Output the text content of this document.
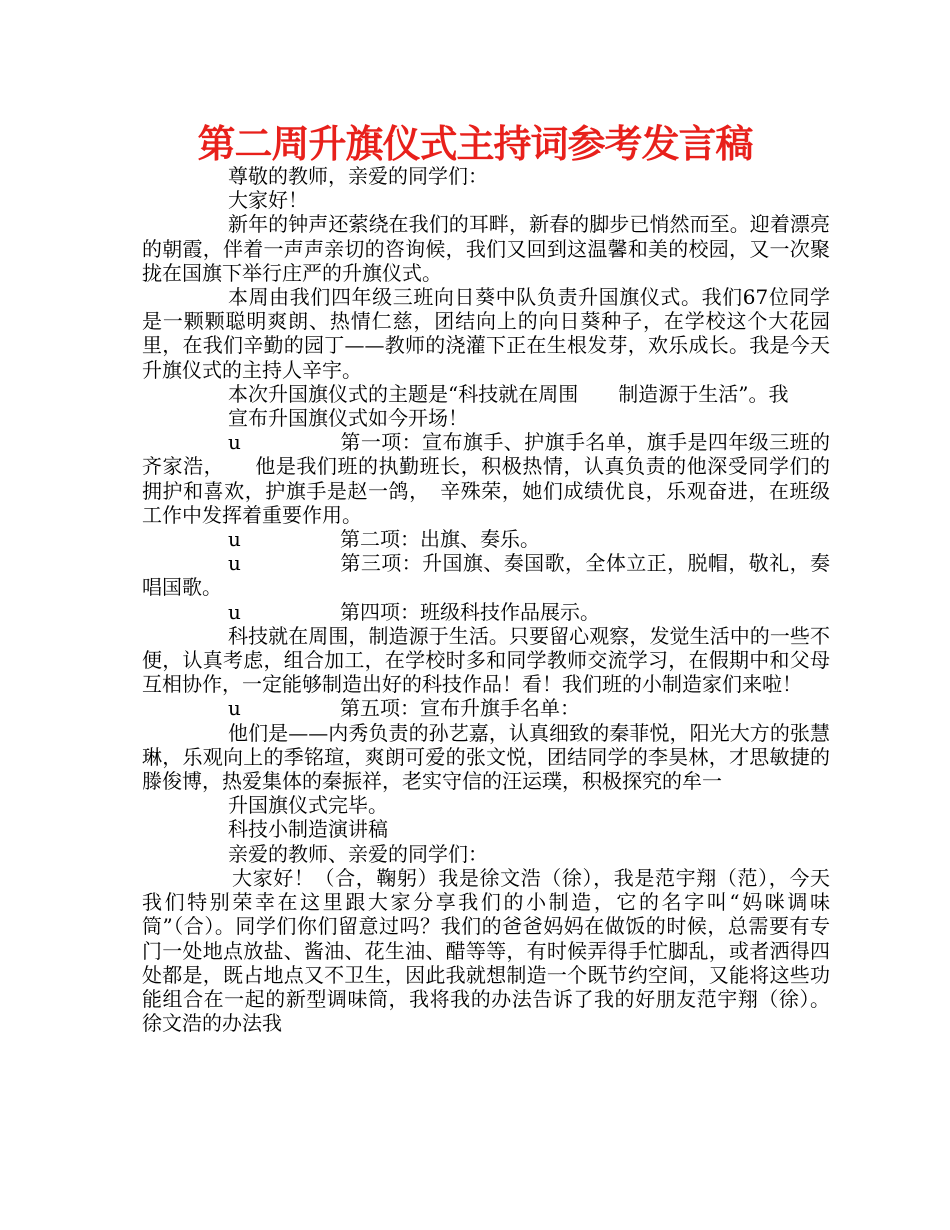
第二周升旗仪式主持词参考发言稿

尊敬的教师，亲爱的同学们：

大家好！

新年的钟声还萦绕在我们的耳畔，新春的脚步已悄然而至。迎着漂亮的朝霞，伴着一声声亲切的咨询候，我们又回到这温馨和美的校园，又一次聚拢在国旗下举行庄严的升旗仪式。

本周由我们四年级三班向日葵中队负责升国旗仪式。我们67位同学是一颗颗聪明爽朗、热情仁慈，团结向上的向日葵种子，在学校这个大花园里，在我们辛勤的园丁——教师的浇灌下正在生根发芽，欢乐成长。我是今天升旗仪式的主持人辛宇。

本次升国旗仪式的主题是“科技就在周围　　制造源于生活”。我

宣布升国旗仪式如今开场！

u	第一项：宣布旗手、护旗手名单，旗手是四年级三班的齐家浩，　　他是我们班的执勤班长，积极热情，认真负责的他深受同学们的拥护和喜欢，护旗手是赵一鸽，　辛殊荣，她们成绩优良，乐观奋进，在班级工作中发挥着重要作用。

u	第二项：出旗、奏乐。

u	第三项：升国旗、奏国歌，全体立正，脱帽，敬礼，奏唱国歌。

u	第四项：班级科技作品展示。

科技就在周围，制造源于生活。只要留心观察，发觉生活中的一些不便，认真考虑，组合加工，在学校时多和同学教师交流学习，在假期中和父母互相协作，一定能够制造出好的科技作品！看！我们班的小制造家们来啦！

u	第五项：宣布升旗手名单：

他们是——内秀负责的孙艺嘉，认真细致的秦菲悦，阳光大方的张慧琳，乐观向上的季铭瑄，爽朗可爱的张文悦，团结同学的李昊林，才思敏捷的滕俊博，热爱集体的秦振祥，老实守信的汪运璞，积极探究的牟一

升国旗仪式完毕。

科技小制造演讲稿

亲爱的教师、亲爱的同学们：

大家好！（合，鞠躬）我是徐文浩（徐），我是范宇翔（范），今天我们特别荣幸在这里跟大家分享我们的小制造，它的名字叫“妈咪调味筒”（合）。同学们你们留意过吗？我们的爸爸妈妈在做饭的时候，总需要有专门一处地点放盐、酱油、花生油、醋等等，有时候弄得手忙脚乱，或者洒得四处都是，既占地点又不卫生，因此我就想制造一个既节约空间，又能将这些功能组合在一起的新型调味筒，我将我的办法告诉了我的好朋友范宇翔（徐）。徐文浩的办法我
